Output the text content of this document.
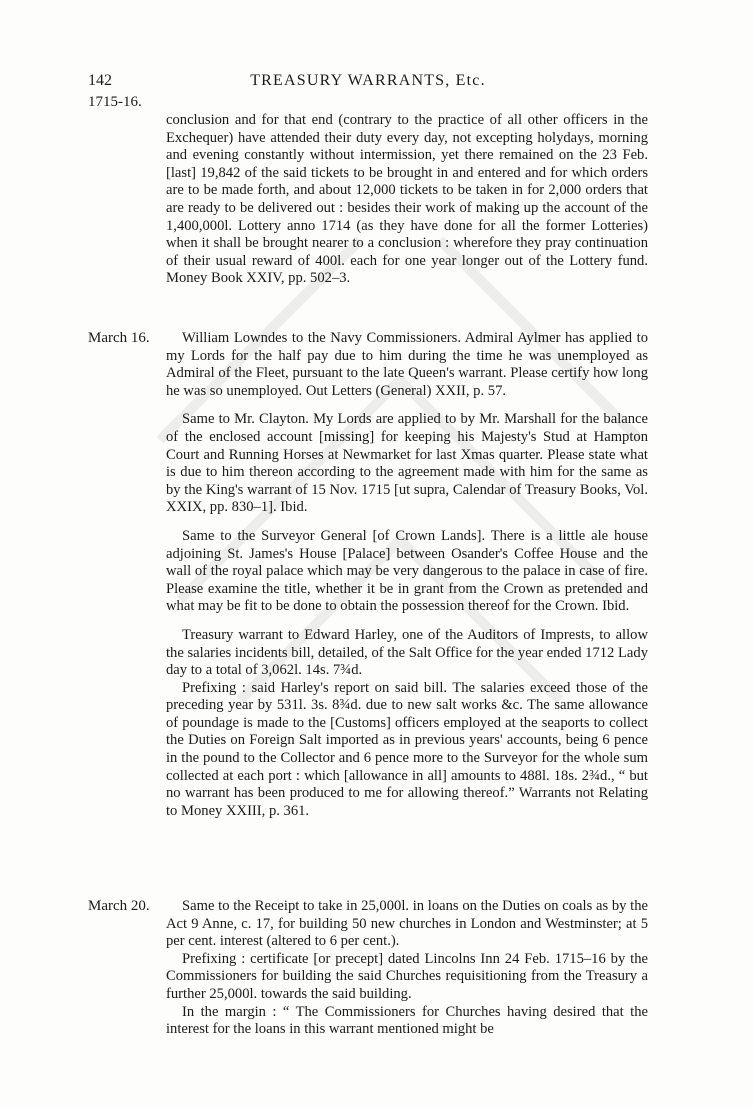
142	TREASURY WARRANTS, Etc.
1715-16.

conclusion and for that end (contrary to the practice of all other officers in the Exchequer) have attended their duty every day, not excepting holydays, morning and evening constantly without intermission, yet there remained on the 23 Feb. [last] 19,842 of the said tickets to be brought in and entered and for which orders are to be made forth, and about 12,000 tickets to be taken in for 2,000 orders that are ready to be delivered out : besides their work of making up the account of the 1,400,000l. Lottery anno 1714 (as they have done for all the former Lotteries) when it shall be brought nearer to a conclusion : wherefore they pray continuation of their usual reward of 400l. each for one year longer out of the Lottery fund. Money Book XXIV, pp. 502–3.

March 16.	William Lowndes to the Navy Commissioners. Admiral Aylmer has applied to my Lords for the half pay due to him during the time he was unemployed as Admiral of the Fleet, pursuant to the late Queen's warrant. Please certify how long he was so unemployed. Out Letters (General) XXII, p. 57.

Same to Mr. Clayton. My Lords are applied to by Mr. Marshall for the balance of the enclosed account [missing] for keeping his Majesty's Stud at Hampton Court and Running Horses at Newmarket for last Xmas quarter. Please state what is due to him thereon according to the agreement made with him for the same as by the King's warrant of 15 Nov. 1715 [ut supra, Calendar of Treasury Books, Vol. XXIX, pp. 830–1]. Ibid.

Same to the Surveyor General [of Crown Lands]. There is a little ale house adjoining St. James's House [Palace] between Osander's Coffee House and the wall of the royal palace which may be very dangerous to the palace in case of fire. Please examine the title, whether it be in grant from the Crown as pretended and what may be fit to be done to obtain the possession thereof for the Crown. Ibid.

Treasury warrant to Edward Harley, one of the Auditors of Imprests, to allow the salaries incidents bill, detailed, of the Salt Office for the year ended 1712 Lady day to a total of 3,062l. 14s. 7¾d.

Prefixing : said Harley's report on said bill. The salaries exceed those of the preceding year by 531l. 3s. 8¾d. due to new salt works &c. The same allowance of poundage is made to the [Customs] officers employed at the seaports to collect the Duties on Foreign Salt imported as in previous years' accounts, being 6 pence in the pound to the Collector and 6 pence more to the Surveyor for the whole sum collected at each port : which [allowance in all] amounts to 488l. 18s. 2¾d., “ but no warrant has been produced to me for allowing thereof.” Warrants not Relating to Money XXIII, p. 361.

March 20.	Same to the Receipt to take in 25,000l. in loans on the Duties on coals as by the Act 9 Anne, c. 17, for building 50 new churches in London and Westminster; at 5 per cent. interest (altered to 6 per cent.).

Prefixing : certificate [or precept] dated Lincolns Inn 24 Feb. 1715–16 by the Commissioners for building the said Churches requisitioning from the Treasury a further 25,000l. towards the said building.

In the margin : “ The Commissioners for Churches having desired that the interest for the loans in this warrant mentioned might be
